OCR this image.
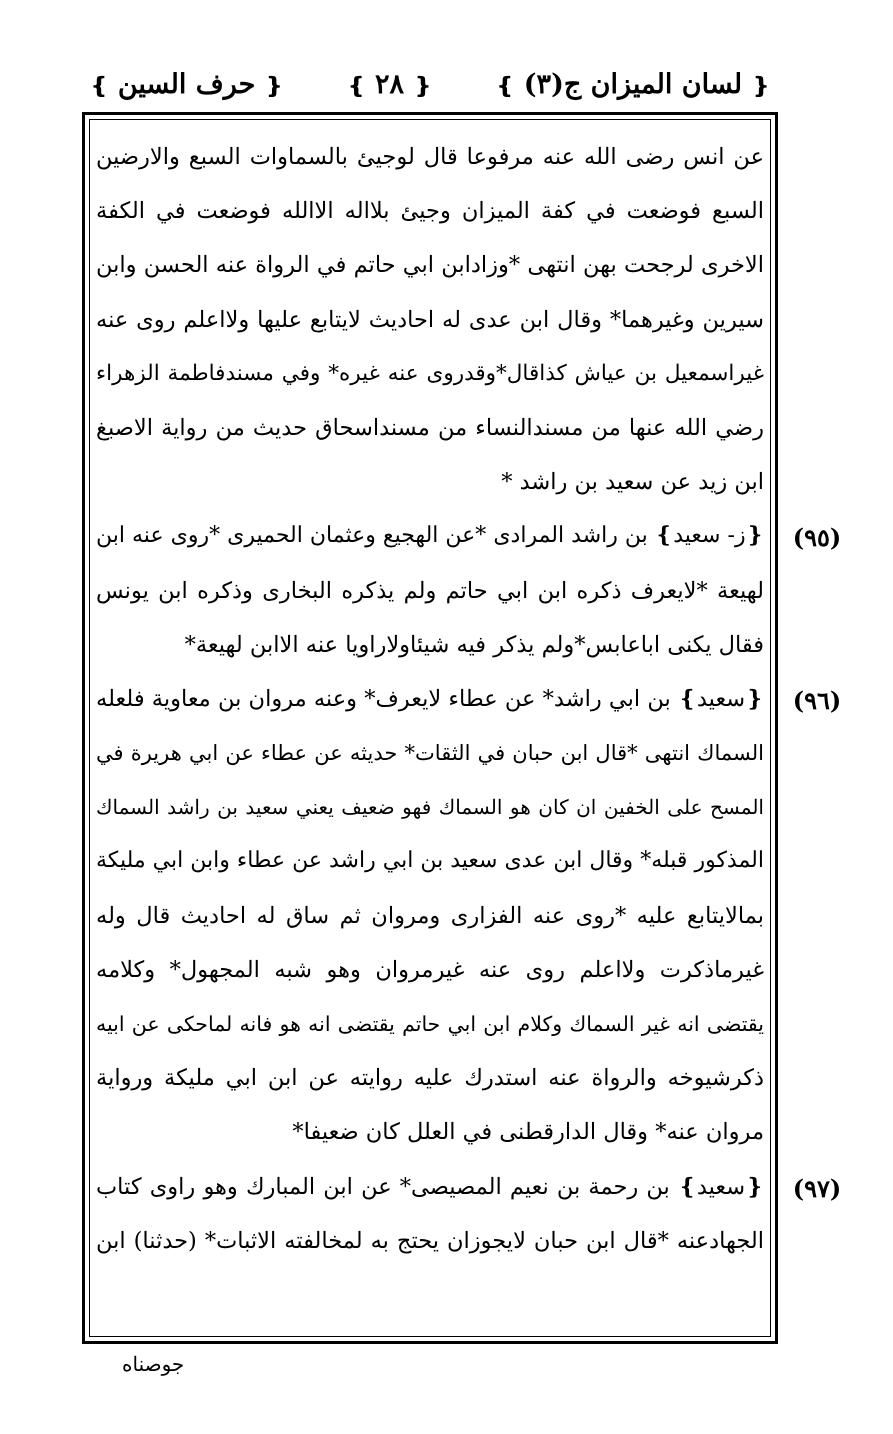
❴ لسان الميزان ج(٣) ❵
❴ ٢٨ ❵
❴ حرف السين ❵
عن انس رضى الله عنه مرفوعا قال لوجيئ بالسماوات السبع والارضين
السبع فوضعت في كفة الميزان وجيئ بلااله الاالله فوضعت في الكفة
الاخرى لرجحت بهن انتهى *وزادابن ابي حاتم في الرواة عنه الحسن وابن
سيرين وغيرهما* وقال ابن عدى له احاديث لايتابع عليها ولااعلم روى عنه
غيراسمعيل بن عياش كذاقال*وقدروى عنه غيره* وفي مسندفاطمة الزهراء
رضي الله عنها من مسندالنساء من مسنداسحاق حديث من رواية الاصبغ
ابن زيد عن سعيد بن راشد *
❴ز- سعيد❵ بن راشد المرادى *عن الهجيع وعثمان الحميرى *روى عنه ابن
لهيعة *لايعرف ذكره ابن ابي حاتم ولم يذكره البخارى وذكره ابن يونس
فقال يكنى اباعابس*ولم يذكر فيه شيئاولاراويا عنه الاابن لهيعة*
❴سعيد❵ بن ابي راشد* عن عطاء لايعرف* وعنه مروان بن معاوية فلعله
السماك انتهى *قال ابن حبان في الثقات* حديثه عن عطاء عن ابي هريرة في
المسح على الخفين ان كان هو السماك فهو ضعيف يعني سعيد بن راشد السماك
المذكور قبله* وقال ابن عدى سعيد بن ابي راشد عن عطاء وابن ابي مليكة
بمالايتابع عليه *روى عنه الفزارى ومروان ثم ساق له احاديث قال وله
غيرماذكرت ولااعلم روى عنه غيرمروان وهو شبه المجهول* وكلامه
يقتضى انه غير السماك وكلام ابن ابي حاتم يقتضى انه هو فانه لماحكى عن ابيه
ذكرشيوخه والرواة عنه استدرك عليه روايته عن ابن ابي مليكة ورواية
مروان عنه* وقال الدارقطنى في العلل كان ضعيفا*
❴سعيد❵ بن رحمة بن نعيم المصيصى* عن ابن المبارك وهو راوى كتاب
الجهادعنه *قال ابن حبان لايجوزان يحتج به لمخالفته الاثبات* (حدثنا) ابن
(٩٥)
(٩٦)
(٩٧)
جوصناه
